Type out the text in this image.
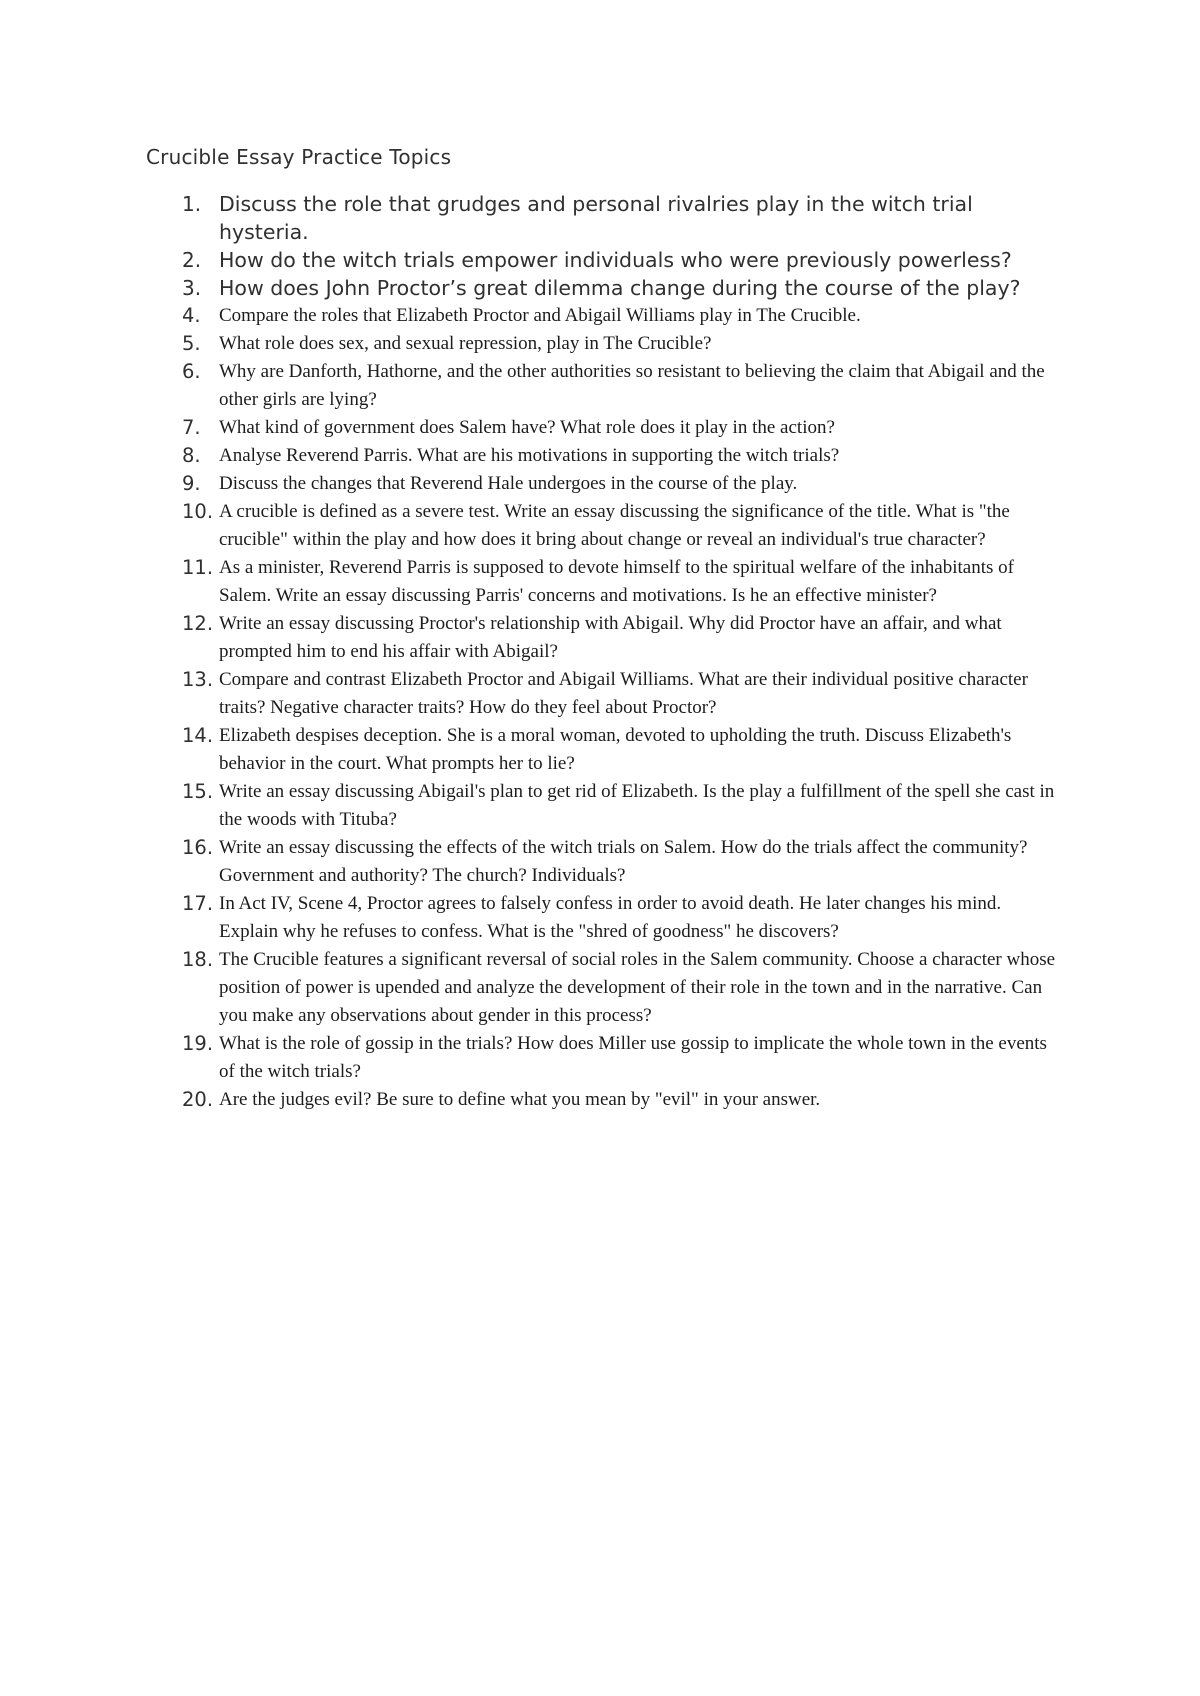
Crucible Essay Practice Topics
1. Discuss the role that grudges and personal rivalries play in the witch trial hysteria.
2. How do the witch trials empower individuals who were previously powerless?
3. How does John Proctor’s great dilemma change during the course of the play?
4. Compare the roles that Elizabeth Proctor and Abigail Williams play in The Crucible.
5. What role does sex, and sexual repression, play in The Crucible?
6. Why are Danforth, Hathorne, and the other authorities so resistant to believing the claim that Abigail and the other girls are lying?
7. What kind of government does Salem have? What role does it play in the action?
8. Analyse Reverend Parris. What are his motivations in supporting the witch trials?
9. Discuss the changes that Reverend Hale undergoes in the course of the play.
10. A crucible is defined as a severe test. Write an essay discussing the significance of the title. What is "the crucible" within the play and how does it bring about change or reveal an individual's true character?
11. As a minister, Reverend Parris is supposed to devote himself to the spiritual welfare of the inhabitants of Salem. Write an essay discussing Parris' concerns and motivations. Is he an effective minister?
12. Write an essay discussing Proctor's relationship with Abigail. Why did Proctor have an affair, and what prompted him to end his affair with Abigail?
13. Compare and contrast Elizabeth Proctor and Abigail Williams. What are their individual positive character traits? Negative character traits? How do they feel about Proctor?
14. Elizabeth despises deception. She is a moral woman, devoted to upholding the truth. Discuss Elizabeth's behavior in the court. What prompts her to lie?
15. Write an essay discussing Abigail's plan to get rid of Elizabeth. Is the play a fulfillment of the spell she cast in the woods with Tituba?
16. Write an essay discussing the effects of the witch trials on Salem. How do the trials affect the community? Government and authority? The church? Individuals?
17. In Act IV, Scene 4, Proctor agrees to falsely confess in order to avoid death. He later changes his mind. Explain why he refuses to confess. What is the "shred of goodness" he discovers?
18. The Crucible features a significant reversal of social roles in the Salem community. Choose a character whose position of power is upended and analyze the development of their role in the town and in the narrative. Can you make any observations about gender in this process?
19. What is the role of gossip in the trials? How does Miller use gossip to implicate the whole town in the events of the witch trials?
20. Are the judges evil? Be sure to define what you mean by "evil" in your answer.
